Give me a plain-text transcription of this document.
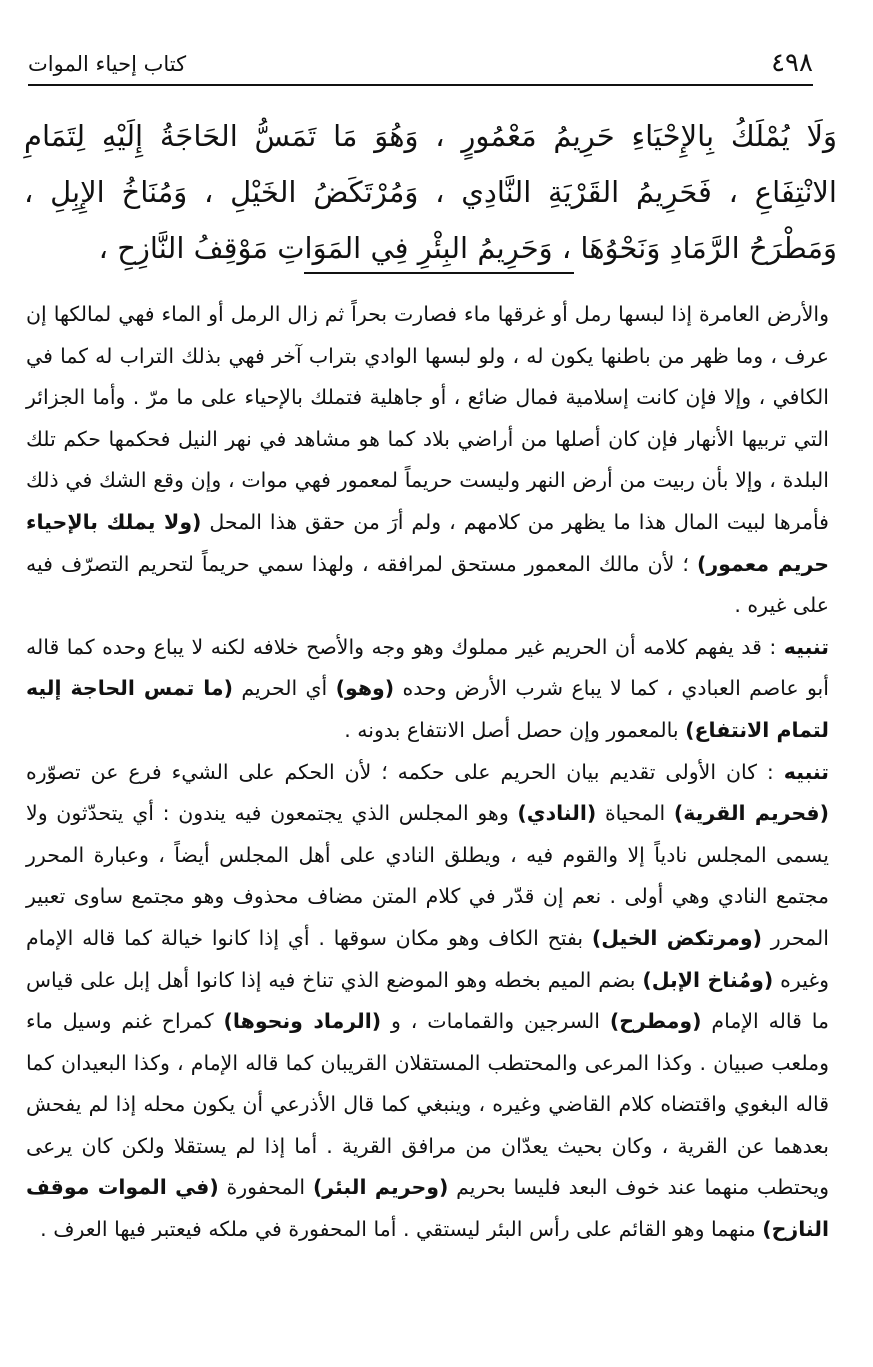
٤٩٨
كتاب إحياء الموات
وَلَا يُمْلَكُ بِالإِحْيَاءِ حَرِيمُ مَعْمُورٍ ، وَهُوَ مَا تَمَسُّ الحَاجَةُ إِلَيْهِ لِتَمَامِ الانْتِفَاعِ ، فَحَرِيمُ القَرْيَةِ النَّادِي ، وَمُرْتَكَضُ الخَيْلِ ، وَمُنَاخُ الإِبِلِ ، وَمَطْرَحُ الرَّمَادِ وَنَحْوُهَا ، وَحَرِيمُ البِئْرِ فِي المَوَاتِ مَوْقِفُ النَّازِحِ ،

والأرض العامرة إذا لبسها رمل أو غرقها ماء فصارت بحراً ثم زال الرمل أو الماء فهي لمالكها إن عرف ، وما ظهر من باطنها يكون له ، ولو لبسها الوادي بتراب آخر فهي بذلك التراب له كما في الكافي ، وإلا فإن كانت إسلامية فمال ضائع ، أو جاهلية فتملك بالإحياء على ما مرّ . وأما الجزائر التي تربيها الأنهار فإن كان أصلها من أراضي بلاد كما هو مشاهد في نهر النيل فحكمها حكم تلك البلدة ، وإلا بأن ربيت من أرض النهر وليست حريماً لمعمور فهي موات ، وإن وقع الشك في ذلك فأمرها لبيت المال هذا ما يظهر من كلامهم ، ولم أرَ من حقق هذا المحل (ولا يملك بالإحياء حريم معمور) ؛ لأن مالك المعمور مستحق لمرافقه ، ولهذا سمي حريماً لتحريم التصرّف فيه على غيره .

تنبيه : قد يفهم كلامه أن الحريم غير مملوك وهو وجه والأصح خلافه لكنه لا يباع وحده كما قاله أبو عاصم العبادي ، كما لا يباع شرب الأرض وحده (وهو) أي الحريم (ما تمس الحاجة إليه لتمام الانتفاع) بالمعمور وإن حصل أصل الانتفاع بدونه .

تنبيه : كان الأولى تقديم بيان الحريم على حكمه ؛ لأن الحكم على الشيء فرع عن تصوّره (فحريم القرية) المحياة (النادي) وهو المجلس الذي يجتمعون فيه يندون : أي يتحدّثون ولا يسمى المجلس نادياً إلا والقوم فيه ، ويطلق النادي على أهل المجلس أيضاً ، وعبارة المحرر مجتمع النادي وهي أولى . نعم إن قدّر في كلام المتن مضاف محذوف وهو مجتمع ساوى تعبير المحرر (ومرتكض الخيل) بفتح الكاف وهو مكان سوقها . أي إذا كانوا خيالة كما قاله الإمام وغيره (ومُناخ الإبل) بضم الميم بخطه وهو الموضع الذي تناخ فيه إذا كانوا أهل إبل على قياس ما قاله الإمام (ومطرح) السرجين والقمامات ، و (الرماد ونحوها) كمراح غنم وسيل ماء وملعب صبيان . وكذا المرعى والمحتطب المستقلان القريبان كما قاله الإمام ، وكذا البعيدان كما قاله البغوي واقتضاه كلام القاضي وغيره ، وينبغي كما قال الأذرعي أن يكون محله إذا لم يفحش بعدهما عن القرية ، وكان بحيث يعدّان من مرافق القرية . أما إذا لم يستقلا ولكن كان يرعى ويحتطب منهما عند خوف البعد فليسا بحريم (وحريم البئر) المحفورة (في الموات موقف النازح) منهما وهو القائم على رأس البئر ليستقي . أما المحفورة في ملكه فيعتبر فيها العرف .
